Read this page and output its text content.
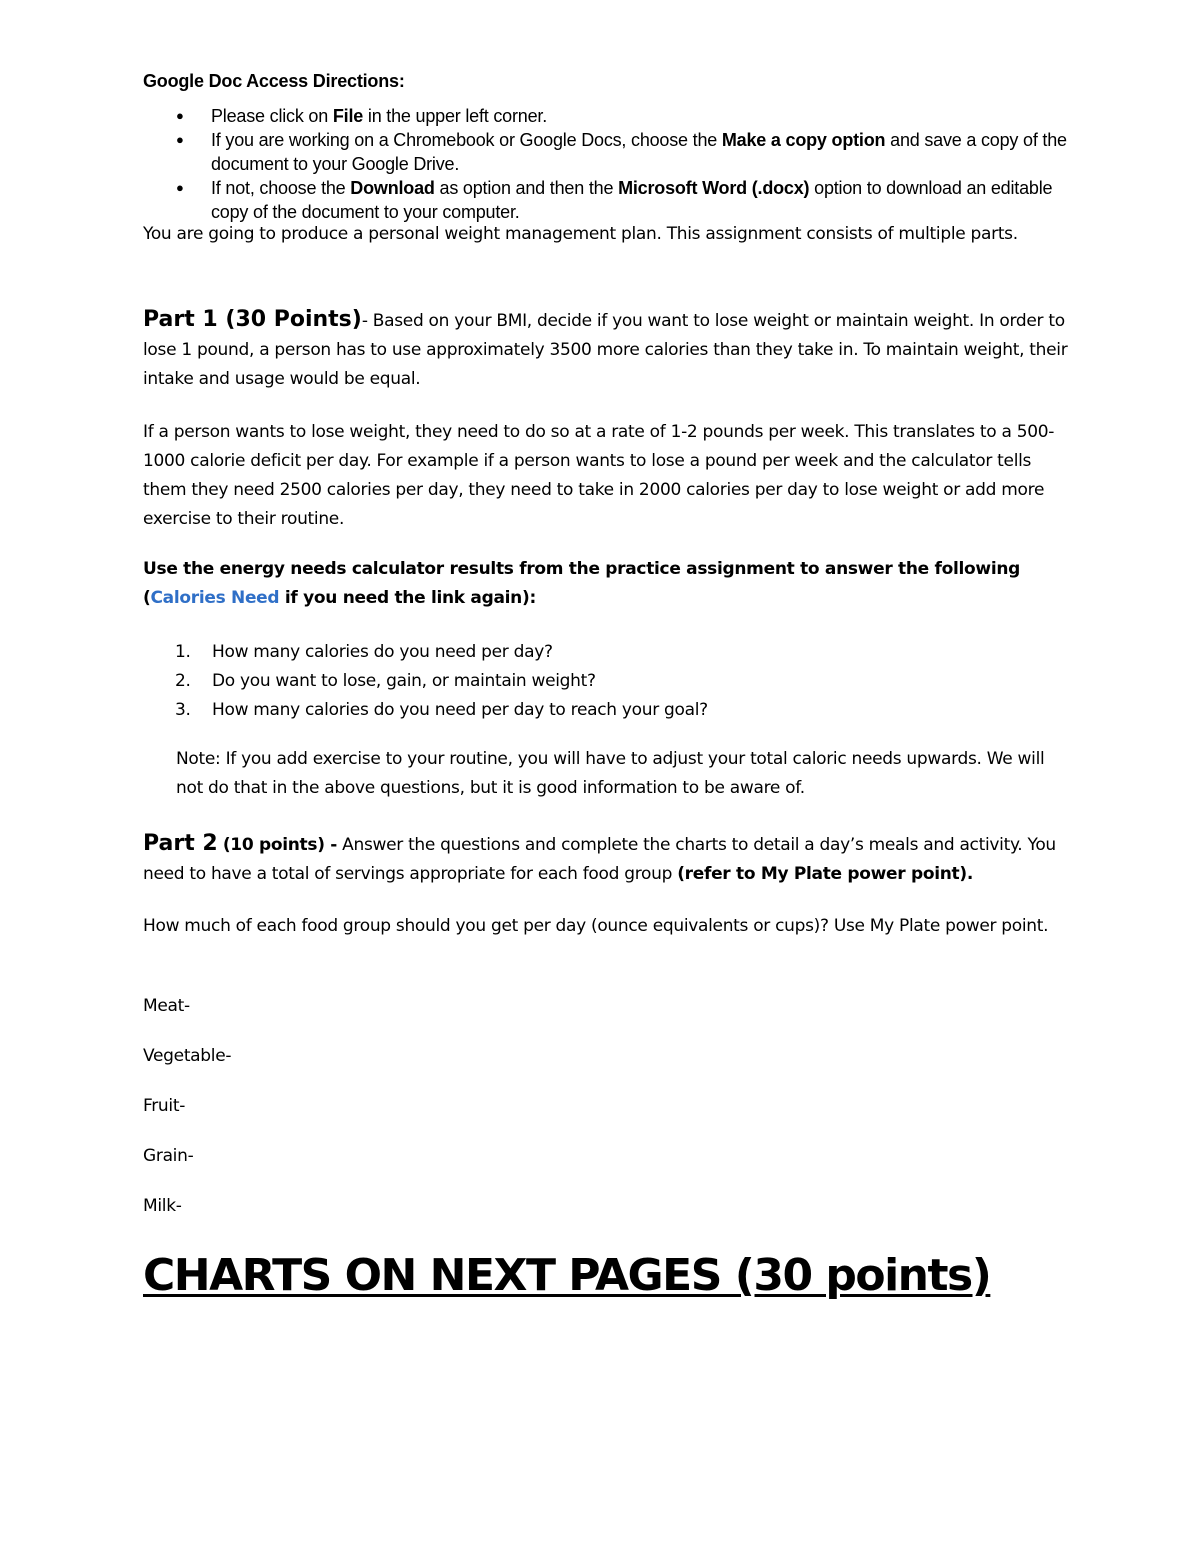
Google Doc Access Directions:
● Please click on File in the upper left corner.
● If you are working on a Chromebook or Google Docs, choose the Make a copy option and save a copy of the document to your Google Drive.
● If not, choose the Download as option and then the Microsoft Word (.docx) option to download an editable copy of the document to your computer.
You are going to produce a personal weight management plan. This assignment consists of multiple parts.
Part 1 (30 Points)- Based on your BMI, decide if you want to lose weight or maintain weight. In order to lose 1 pound, a person has to use approximately 3500 more calories than they take in. To maintain weight, their intake and usage would be equal.
If a person wants to lose weight, they need to do so at a rate of 1-2 pounds per week. This translates to a 500-1000 calorie deficit per day. For example if a person wants to lose a pound per week and the calculator tells them they need 2500 calories per day, they need to take in 2000 calories per day to lose weight or add more exercise to their routine.
Use the energy needs calculator results from the practice assignment to answer the following (Calories Need if you need the link again):
1. How many calories do you need per day?
2. Do you want to lose, gain, or maintain weight?
3. How many calories do you need per day to reach your goal?
Note: If you add exercise to your routine, you will have to adjust your total caloric needs upwards. We will not do that in the above questions, but it is good information to be aware of.
Part 2 (10 points) - Answer the questions and complete the charts to detail a day’s meals and activity. You need to have a total of servings appropriate for each food group (refer to My Plate power point).
How much of each food group should you get per day (ounce equivalents or cups)? Use My Plate power point.
Meat-
Vegetable-
Fruit-
Grain-
Milk-
CHARTS ON NEXT PAGES (30 points)
